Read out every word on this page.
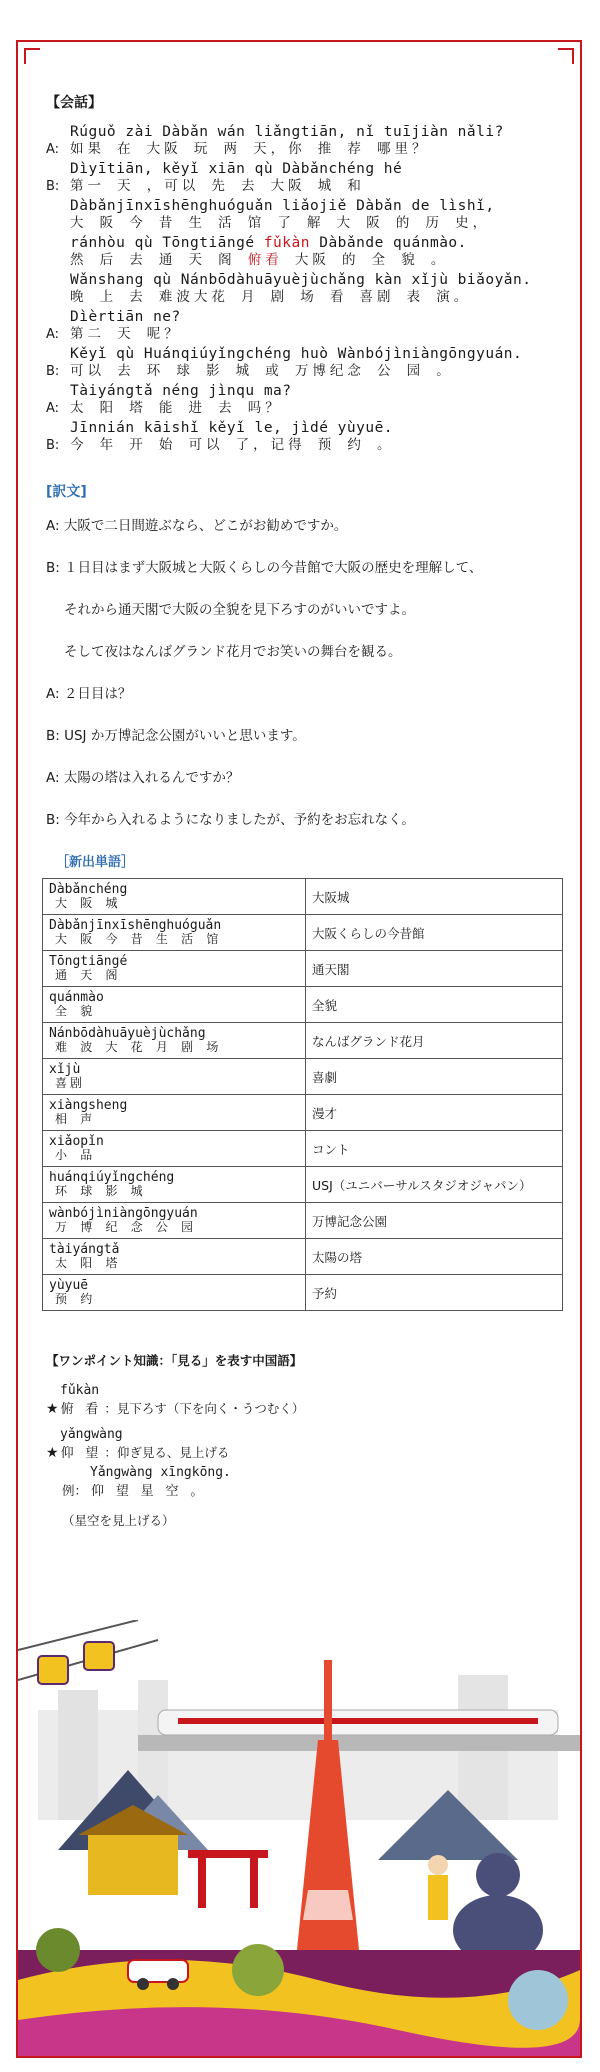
【会話】
Rúguǒ zài Dàbǎn wán liǎngtiān, nǐ tuījiàn nǎli?
A: 如果 在 大阪 玩 两 天，你 推 荐 哪里？
Dìyītiān, kěyǐ xiān qù Dàbǎnchéng hé
B: 第一 天 ，可以 先 去 大阪 城 和
Dàbǎnjīnxīshēnghuóguǎn liǎojiě Dàbǎn de lìshǐ,
大 阪 今 昔 生 活 馆 了 解 大 阪 的 历 史，
ránhòu qù Tōngtiāngé fǔkàn Dàbǎnde quánmào.
然 后 去 通 天 阁 俯看 大阪 的 全 貌 。
Wǎnshang qù Nánbōdàhuāyuèjùchǎng kàn xǐjù biǎoyǎn.
晚 上 去 难波大花 月 剧 场 看 喜剧 表 演。
Dìèrtiān ne?
A: 第二 天 呢？
Kěyǐ qù Huánqiúyǐngchéng huò Wànbójìniàngōngyuán.
B: 可以 去 环 球 影 城 或 万博纪念 公 园 。
Tàiyángtǎ néng jìnqu ma?
A: 太 阳 塔 能 进 去 吗？
Jīnnián kāishǐ kěyǐ le, jìdé yùyuē.
B: 今 年 开 始 可以 了，记得 预 约 。
[訳文]

A: 大阪で二日間遊ぶなら、どこがお勧めですか。

B: １日目はまず大阪城と大阪くらしの今昔館で大阪の歴史を理解して、

それから通天閣で大阪の全貌を見下ろすのがいいですよ。

そして夜はなんばグランド花月でお笑いの舞台を観る。

A: ２日目は？

B: USJ か万博記念公園がいいと思います。

A: 太陽の塔は入れるんですか？

B: 今年から入れるようになりましたが、予約をお忘れなく。

［新出単語］
Dàbǎnchéng
大 阪 城	大阪城

Dàbǎnjīnxīshēnghuóguǎn
大 阪 今 昔 生 活 馆	大阪くらしの今昔館

Tōngtiāngé
通 天 阁	通天閣

quánmào
全 貌	全貌

Nánbōdàhuāyuèjùchǎng
难 波 大 花 月 剧 场	なんばグランド花月

xǐjù
喜剧	喜劇

xiàngsheng
相 声	漫才

xiǎopǐn
小 品	コント

huánqiúyǐngchéng
环 球 影 城	USJ（ユニバーサルスタジオジャパン）

wànbójìniàngōngyuán
万 博 纪 念 公 园	万博記念公園

tàiyángtǎ
太 阳 塔	太陽の塔

yùyuē
预 约	予約
【ワンポイント知識：「見る」を表す中国語】
fǔkàn
★ 俯 看 ：見下ろす（下を向く・うつむく）
yǎngwàng
★ 仰 望 ：仰ぎ見る、見上げる
Yǎngwàng xīngkōng.
例： 仰 望 星 空 。
（星空を見上げる）
